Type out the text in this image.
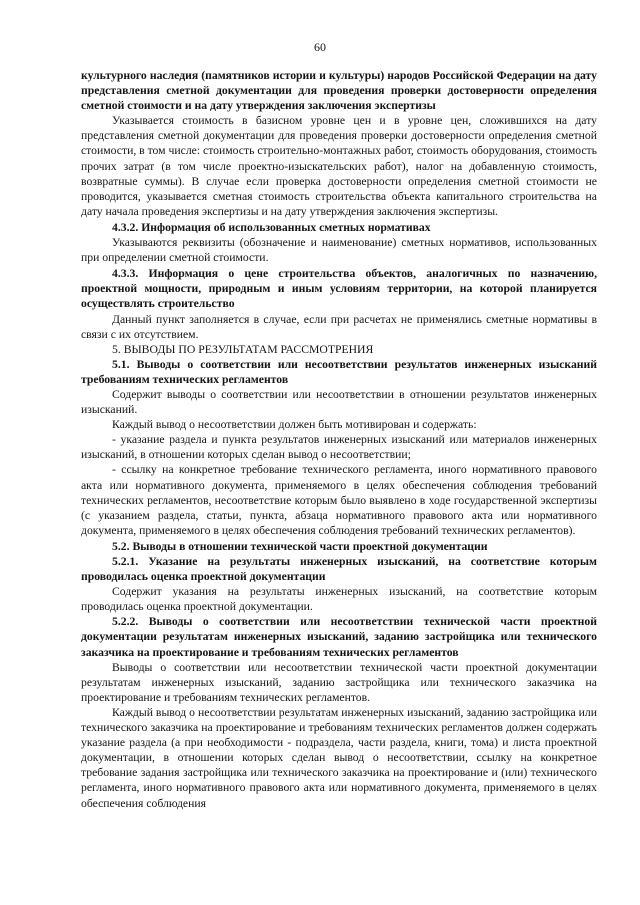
60

культурного наследия (памятников истории и культуры) народов Российской Федерации на дату представления сметной документации для проведения проверки достоверности определения сметной стоимости и на дату утверждения заключения экспертизы

Указывается стоимость в базисном уровне цен и в уровне цен, сложившихся на дату представления сметной документации для проведения проверки достоверности определения сметной стоимости, в том числе: стоимость строительно-монтажных работ, стоимость оборудования, стоимость прочих затрат (в том числе проектно-изыскательских работ), налог на добавленную стоимость, возвратные суммы). В случае если проверка достоверности определения сметной стоимости не проводится, указывается сметная стоимость строительства объекта капитального строительства на дату начала проведения экспертизы и на дату утверждения заключения экспертизы.

4.3.2. Информация об использованных сметных нормативах

Указываются реквизиты (обозначение и наименование) сметных нормативов, использованных при определении сметной стоимости.

4.3.3. Информация о цене строительства объектов, аналогичных по назначению, проектной мощности, природным и иным условиям территории, на которой планируется осуществлять строительство

Данный пункт заполняется в случае, если при расчетах не применялись сметные нормативы в связи с их отсутствием.

5. ВЫВОДЫ ПО РЕЗУЛЬТАТАМ РАССМОТРЕНИЯ

5.1. Выводы о соответствии или несоответствии результатов инженерных изысканий требованиям технических регламентов

Содержит выводы о соответствии или несоответствии в отношении результатов инженерных изысканий.

Каждый вывод о несоответствии должен быть мотивирован и содержать:

- указание раздела и пункта результатов инженерных изысканий или материалов инженерных изысканий, в отношении которых сделан вывод о несоответствии;

- ссылку на конкретное требование технического регламента, иного нормативного правового акта или нормативного документа, применяемого в целях обеспечения соблюдения требований технических регламентов, несоответствие которым было выявлено в ходе государственной экспертизы (с указанием раздела, статьи, пункта, абзаца нормативного правового акта или нормативного документа, применяемого в целях обеспечения соблюдения требований технических регламентов).

5.2. Выводы в отношении технической части проектной документации

5.2.1. Указание на результаты инженерных изысканий, на соответствие которым проводилась оценка проектной документации

Содержит указания на результаты инженерных изысканий, на соответствие которым проводилась оценка проектной документации.

5.2.2. Выводы о соответствии или несоответствии технической части проектной документации результатам инженерных изысканий, заданию застройщика или технического заказчика на проектирование и требованиям технических регламентов

Выводы о соответствии или несоответствии технической части проектной документации результатам инженерных изысканий, заданию застройщика или технического заказчика на проектирование и требованиям технических регламентов.

Каждый вывод о несоответствии результатам инженерных изысканий, заданию застройщика или технического заказчика на проектирование и требованиям технических регламентов должен содержать указание раздела (а при необходимости - подраздела, части раздела, книги, тома) и листа проектной документации, в отношении которых сделан вывод о несоответствии, ссылку на конкретное требование задания застройщика или технического заказчика на проектирование и (или) технического регламента, иного нормативного правового акта или нормативного документа, применяемого в целях обеспечения соблюдения
